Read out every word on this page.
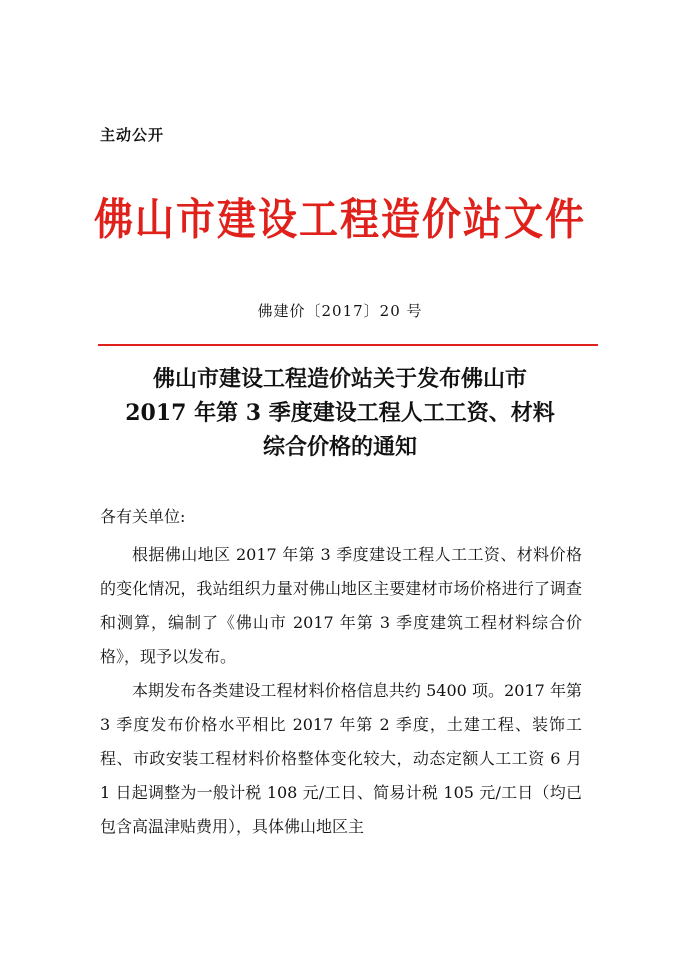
主动公开
佛山市建设工程造价站文件
佛建价〔2017〕20 号
佛山市建设工程造价站关于发布佛山市
2017 年第 3 季度建设工程人工工资、材料
综合价格的通知
各有关单位:

根据佛山地区 2017 年第 3 季度建设工程人工工资、材料价格的变化情况，我站组织力量对佛山地区主要建材市场价格进行了调查和测算，编制了《佛山市 2017 年第 3 季度建筑工程材料综合价格》，现予以发布。

本期发布各类建设工程材料价格信息共约 5400 项。2017 年第 3 季度发布价格水平相比 2017 年第 2 季度，土建工程、装饰工程、市政安装工程材料价格整体变化较大，动态定额人工工资 6 月 1 日起调整为一般计税 108 元/工日、简易计税 105 元/工日（均已包含高温津贴费用），具体佛山地区主
